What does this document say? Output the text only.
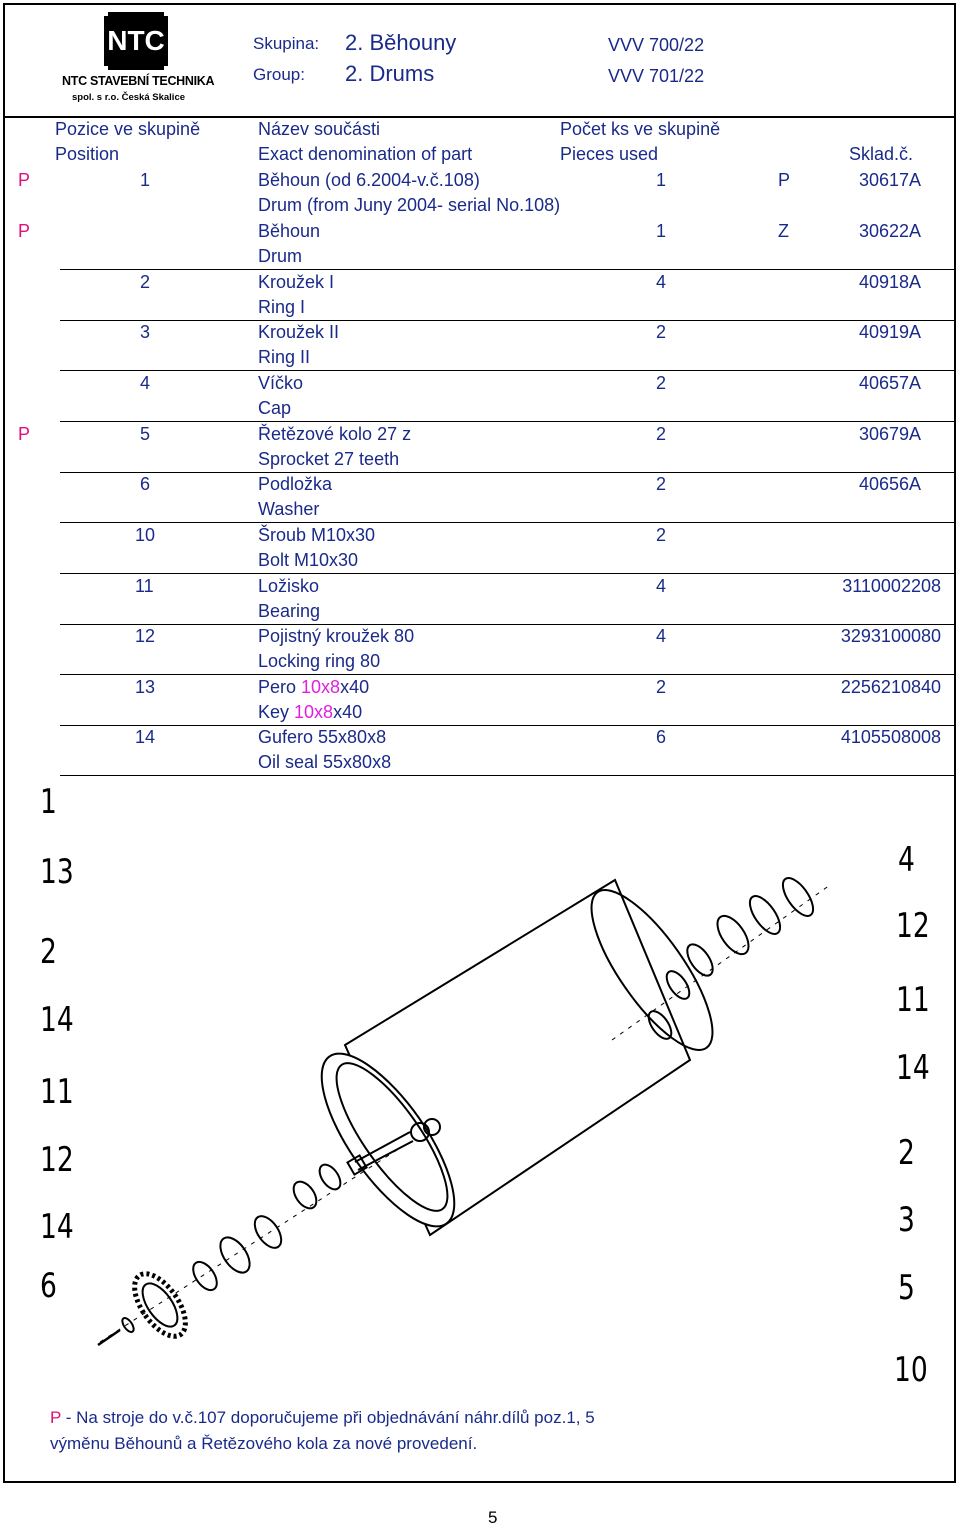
NTC
NTC STAVEBNÍ TECHNIKA
spol. s r.o. Česká Skalice
Skupina: 2. Běhouny
Group: 2. Drums
VVV 700/22
VVV 701/22
Pozice ve skupině
Position
Název součásti
Exact denomination of part
Počet ks ve skupině
Pieces used	Sklad.č.
P	1	Běhoun (od 6.2004-v.č.108)
Drum (from Juny 2004- serial No.108)
1	P	30617A
P	Běhoun
Drum
1	Z	30622A
2	Kroužek I
Ring I
4	40918A
3	Kroužek II
Ring II
2	40919A
4	Víčko
Cap
2	40657A
P	5	Řetězové kolo 27 z
Sprocket 27 teeth
2	30679A
6	Podložka
Washer
2	40656A
10	Šroub M10x30
Bolt M10x30
2
11	Ložisko
Bearing
4	3110002208
12	Pojistný kroužek 80
Locking ring 80
4	3293100080
13	Pero 10x8x40
Key 10x8x40
2	2256210840
14	Gufero 55x80x8
Oil seal 55x80x8
6	4105508008
1
13
2
14
11
12
14
6
4
12
11
14
2
3
5
10
P - Na stroje do v.č.107 doporučujeme při objednávání náhr.dílů poz.1, 5
výměnu Běhounů a Řetězového kola za nové provedení.
5
